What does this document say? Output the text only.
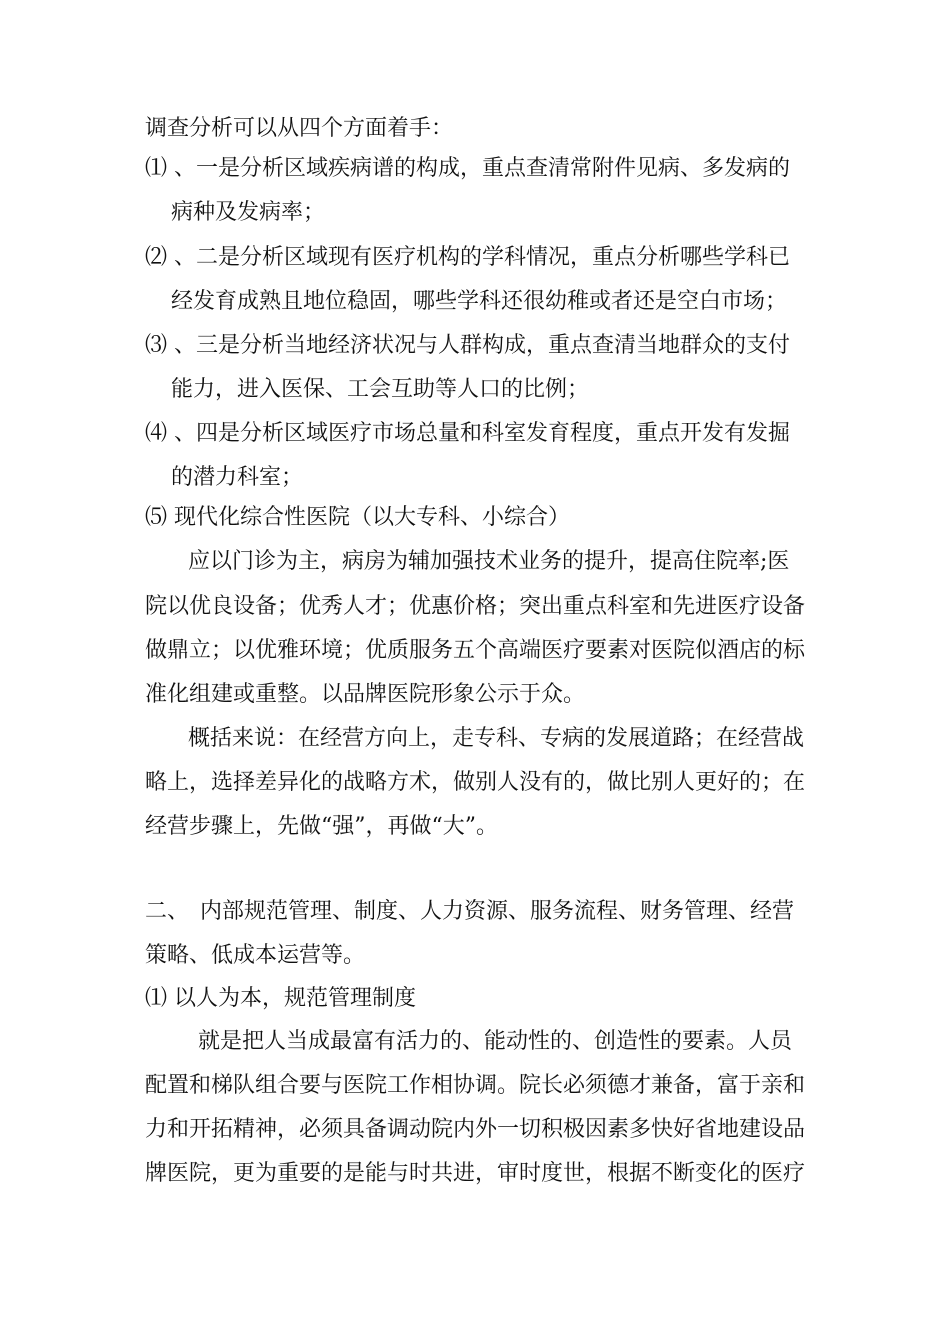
调查分析可以从四个方面着手：
⑴ 、一是分析区域疾病谱的构成，重点查清常附件见病、多发病的
病种及发病率；
⑵ 、二是分析区域现有医疗机构的学科情况，重点分析哪些学科已
经发育成熟且地位稳固，哪些学科还很幼稚或者还是空白市场；
⑶ 、三是分析当地经济状况与人群构成，重点查清当地群众的支付
能力，进入医保、工会互助等人口的比例；
⑷ 、四是分析区域医疗市场总量和科室发育程度，重点开发有发掘
的潜力科室；
⑸ 现代化综合性医院（以大专科、小综合）
应以门诊为主，病房为辅加强技术业务的提升，提高住院率;医
院以优良设备；优秀人才；优惠价格；突出重点科室和先进医疗设备
做鼎立；以优雅环境；优质服务五个高端医疗要素对医院似酒店的标
准化组建或重整。以品牌医院形象公示于众。
概括来说：在经营方向上，走专科、专病的发展道路；在经营战
略上，选择差异化的战略方术，做别人没有的，做比别人更好的；在
经营步骤上，先做“强”，再做“大”。
二、　内部规范管理、制度、人力资源、服务流程、财务管理、经营
策略、低成本运营等。
⑴ 以人为本，规范管理制度
就是把人当成最富有活力的、能动性的、创造性的要素。人员
配置和梯队组合要与医院工作相协调。院长必须德才兼备，富于亲和
力和开拓精神，必须具备调动院内外一切积极因素多快好省地建设品
牌医院，更为重要的是能与时共进，审时度世，根据不断变化的医疗
